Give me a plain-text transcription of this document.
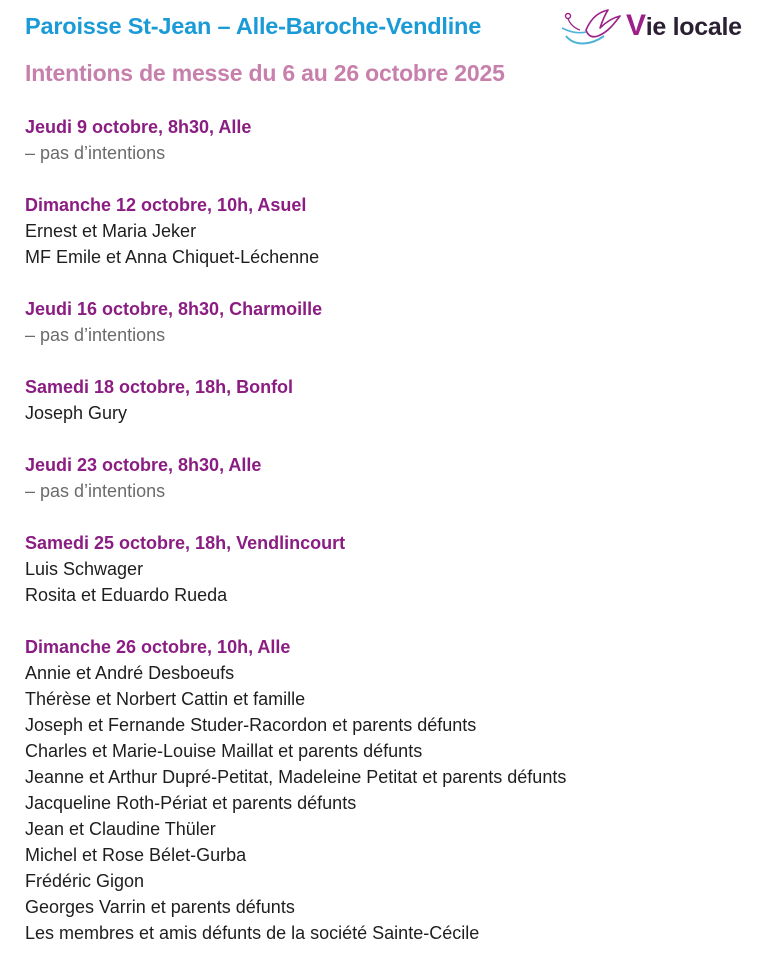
Paroisse St-Jean – Alle-Baroche-Vendline	Vie locale
Intentions de messe du 6 au 26 octobre 2025
Jeudi 9 octobre, 8h30, Alle
– pas d’intentions
Dimanche 12 octobre, 10h, Asuel
Ernest et Maria Jeker
MF Emile et Anna Chiquet-Léchenne
Jeudi 16 octobre, 8h30, Charmoille
– pas d’intentions
Samedi 18 octobre, 18h, Bonfol
Joseph Gury
Jeudi 23 octobre, 8h30, Alle
– pas d’intentions
Samedi 25 octobre, 18h, Vendlincourt
Luis Schwager
Rosita et Eduardo Rueda
Dimanche 26 octobre, 10h, Alle
Annie et André Desboeufs
Thérèse et Norbert Cattin et famille
Joseph et Fernande Studer-Racordon et parents défunts
Charles et Marie-Louise Maillat et parents défunts
Jeanne et Arthur Dupré-Petitat, Madeleine Petitat et parents défunts
Jacqueline Roth-Périat et parents défunts
Jean et Claudine Thüler
Michel et Rose Bélet-Gurba
Frédéric Gigon
Georges Varrin et parents défunts
Les membres et amis défunts de la société Sainte-Cécile
